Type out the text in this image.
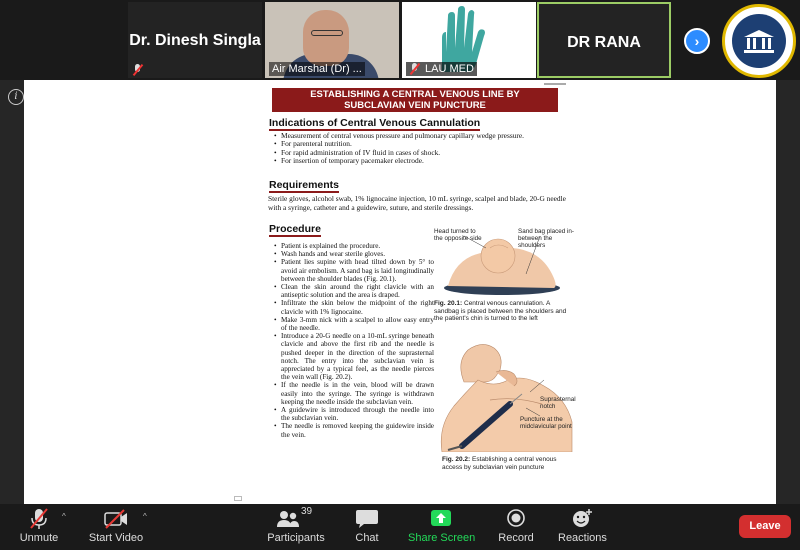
Dr. Dinesh Singla
Air Marshal (Dr) ...	LAU MED
DR RANA	›
i	ESTABLISHING A CENTRAL VENOUS LINE BY
SUBCLAVIAN VEIN PUNCTURE
Indications of Central Venous Cannulation
• Measurement of central venous pressure and pulmonary capillary wedge pressure.
• For parenteral nutrition.
• For rapid administration of IV fluid in cases of shock.
• For insertion of temporary pacemaker electrode.
Requirements
Sterile gloves, alcohol swab, 1% lignocaine injection, 10 mL syringe, scalpel and blade, 20-G needle with a syringe, catheter and a guidewire, suture, and sterile dressings.
Procedure
• Patient is explained the procedure.
• Wash hands and wear sterile gloves.
• Patient lies supine with head tilted down by 5° to avoid air embolism. A sand bag is laid longitudinally between the shoulder blades (Fig. 20.1).
• Clean the skin around the right clavicle with an antiseptic solution and the area is draped.
• Infiltrate the skin below the midpoint of the right clavicle with 1% lignocaine.
• Make 3-mm nick with a scalpel to allow easy entry of the needle.
• Introduce a 20-G needle on a 10-mL syringe beneath clavicle and above the first rib and the needle is pushed deeper in the direction of the suprasternal notch. The entry into the subclavian vein is appreciated by a typical feel, as the needle pierces the vein wall (Fig. 20.2).
• If the needle is in the vein, blood will be drawn easily into the syringe. The syringe is withdrawn keeping the needle inside the subclavian vein.
• A guidewire is introduced through the needle into the subclavian vein.
• The needle is removed keeping the guidewire inside the vein.
Head turned to the opposite side
Sand bag placed in-between the shoulders
Fig. 20.1: Central venous cannulation. A sandbag is placed between the shoulders and the patient's chin is turned to the left
Suprasternal notch
Puncture at the midclavicular point
Fig. 20.2: Establishing a central venous access by subclavian vein puncture
Unmute
^
Start Video
^	39
Participants	Chat	Share Screen Record Reactions
Leave
